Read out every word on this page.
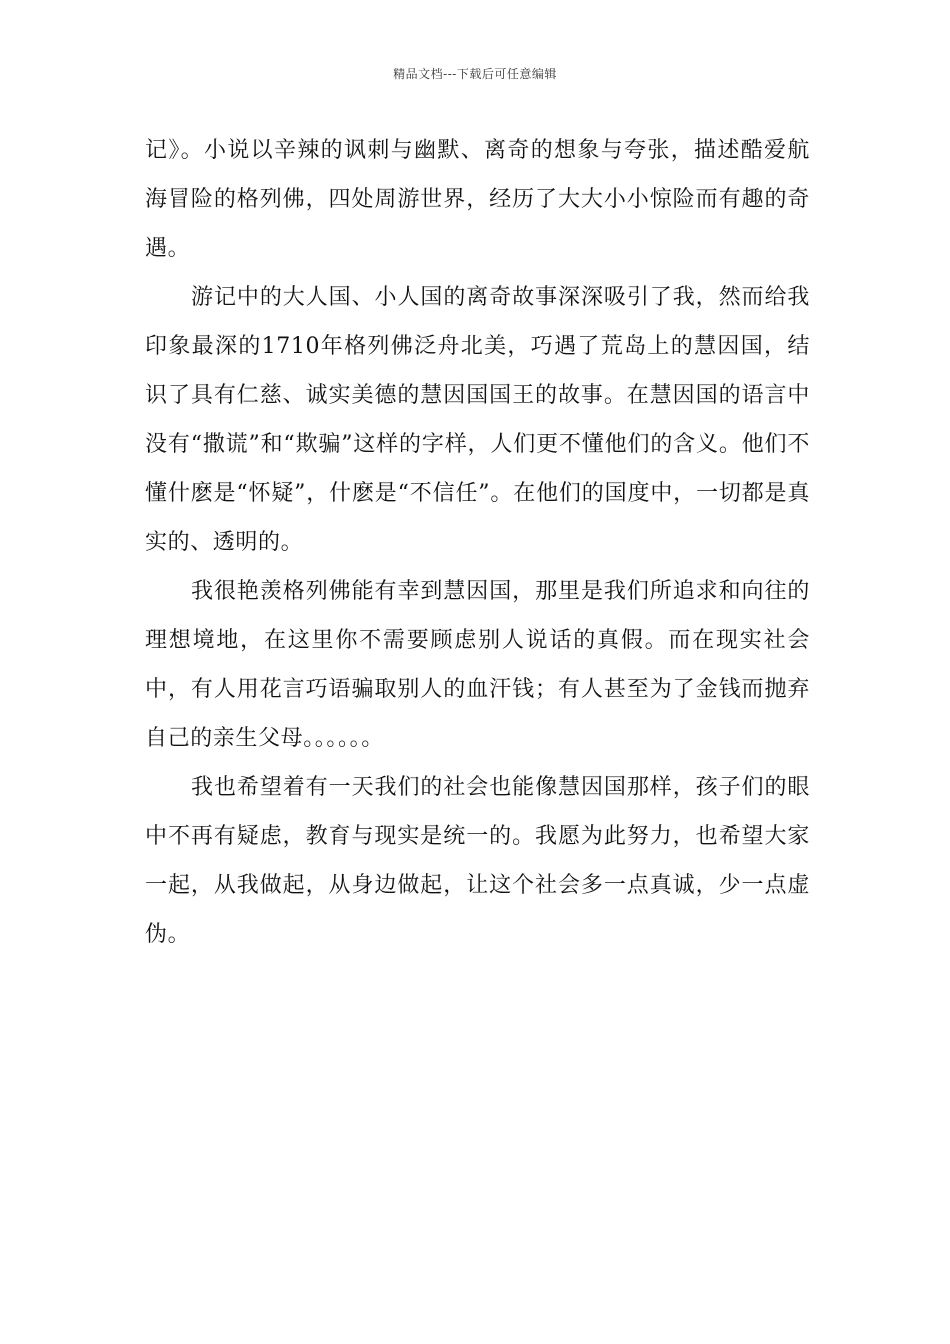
精品文档---下载后可任意编辑

记》。小说以辛辣的讽刺与幽默、离奇的想象与夸张，描述酷爱航海冒险的格列佛，四处周游世界，经历了大大小小惊险而有趣的奇遇。

游记中的大人国、小人国的离奇故事深深吸引了我，然而给我印象最深的1710年格列佛泛舟北美，巧遇了荒岛上的慧因国，结识了具有仁慈、诚实美德的慧因国国王的故事。在慧因国的语言中没有“撒谎”和“欺骗”这样的字样，人们更不懂他们的含义。他们不懂什麽是“怀疑”，什麽是“不信任”。在他们的国度中，一切都是真实的、透明的。

我很艳羡格列佛能有幸到慧因国，那里是我们所追求和向往的理想境地，在这里你不需要顾虑别人说话的真假。而在现实社会中，有人用花言巧语骗取别人的血汗钱；有人甚至为了金钱而抛弃自己的亲生父母。。。。。。

我也希望着有一天我们的社会也能像慧因国那样，孩子们的眼中不再有疑虑，教育与现实是统一的。我愿为此努力，也希望大家一起，从我做起，从身边做起，让这个社会多一点真诚，少一点虚伪。
